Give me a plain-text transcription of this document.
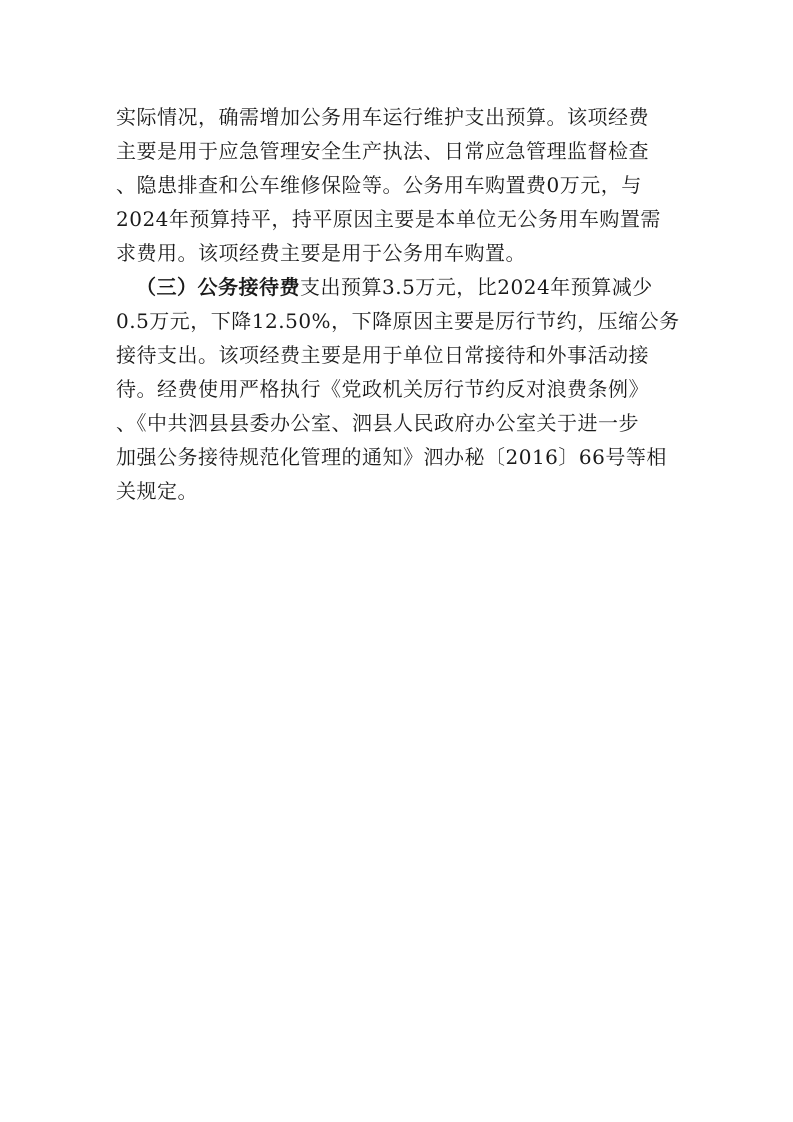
实际情况，确需增加公务用车运行维护支出预算。该项经费
主要是用于应急管理安全生产执法、日常应急管理监督检查
、隐患排查和公车维修保险等。公务用车购置费0万元，与
2024年预算持平，持平原因主要是本单位无公务用车购置需
求费用。该项经费主要是用于公务用车购置。
（三）公务接待费支出预算3.5万元，比2024年预算减少
0.5万元，下降12.50%，下降原因主要是厉行节约，压缩公务
接待支出。该项经费主要是用于单位日常接待和外事活动接
待。经费使用严格执行《党政机关厉行节约反对浪费条例》
、《中共泗县县委办公室、泗县人民政府办公室关于进一步
加强公务接待规范化管理的通知》泗办秘〔2016〕66号等相
关规定。
